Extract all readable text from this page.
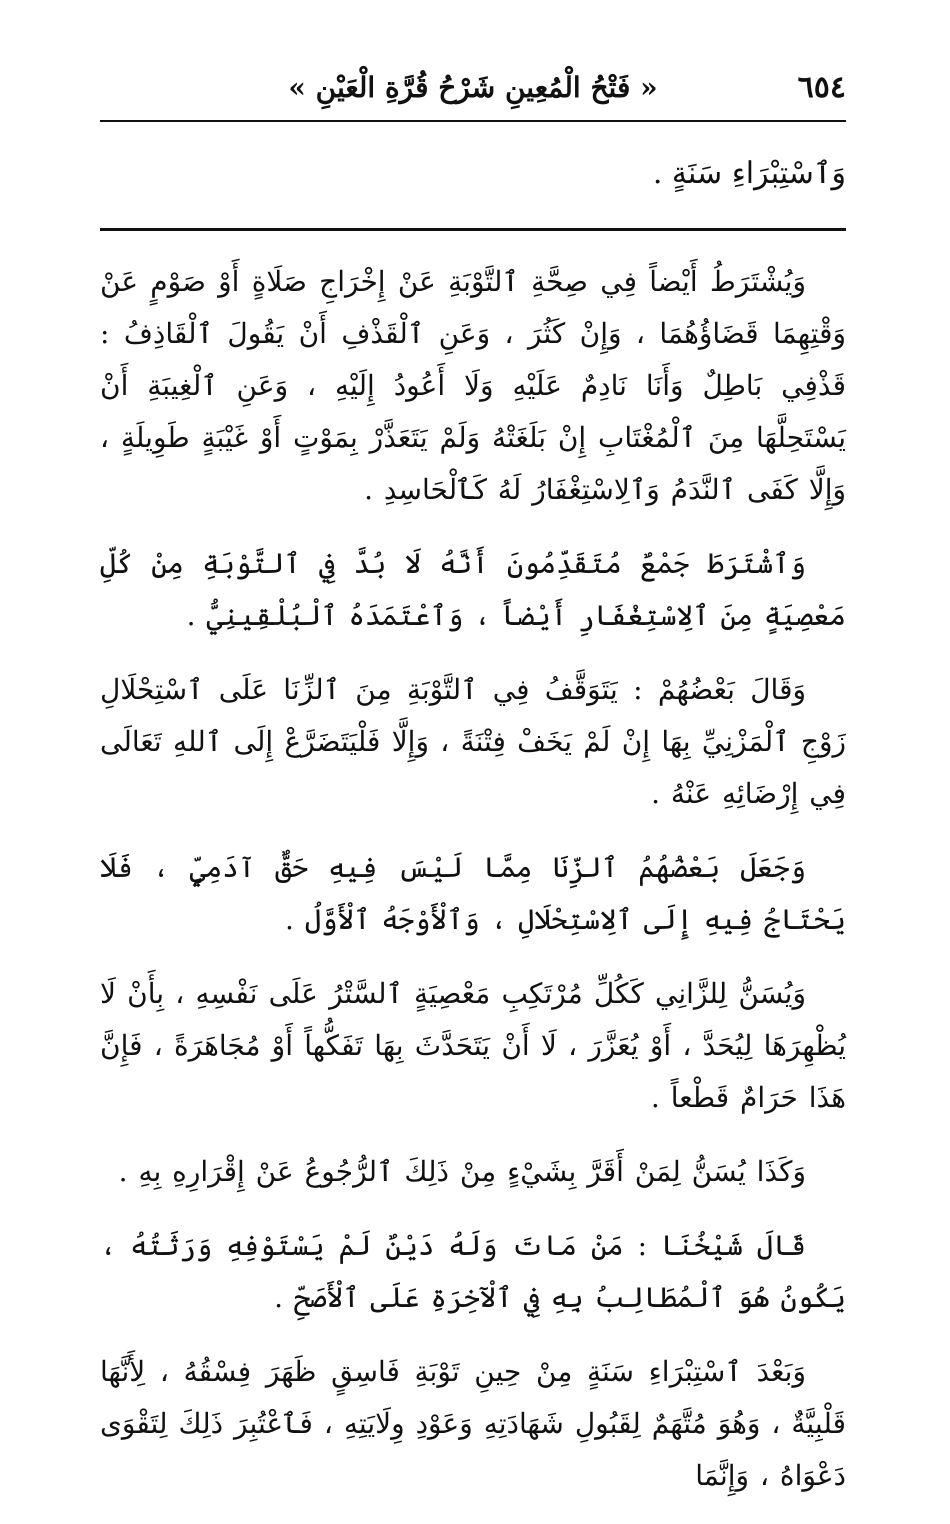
٦٥٤
« فَتْحُ الْمُعِينِ شَرْحُ قُرَّةِ الْعَيْنِ »
وَٱسْتِبْرَاءِ سَنَةٍ .

وَيُشْتَرَطُ أَيْضاً فِي صِحَّةِ ٱلتَّوْبَةِ عَنْ إِخْرَاجِ صَلَاةٍ أَوْ صَوْمٍ عَنْ وَقْتِهِمَا قَضَاؤُهُمَا ، وَإِنْ كَثُرَ ، وَعَنِ ٱلْقَذْفِ أَنْ يَقُولَ ٱلْقَاذِفُ : قَذْفِي بَاطِلٌ وَأَنَا نَادِمٌ عَلَيْهِ وَلَا أَعُودُ إِلَيْهِ ، وَعَنِ ٱلْغِيبَةِ أَنْ يَسْتَحِلَّهَا مِنَ ٱلْمُغْتَابِ إِنْ بَلَغَتْهُ وَلَمْ يَتَعَذَّرْ بِمَوْتٍ أَوْ غَيْبَةٍ طَوِيلَةٍ ، وَإِلَّا كَفَى ٱلنَّدَمُ وَٱلِاسْتِغْفَارُ لَهُ كَٱلْحَاسِدِ .

وَٱشْتَرَطَ جَمْعٌ مُتَقَدِّمُونَ أَنَّهُ لَا بُدَّ فِي ٱلتَّوْبَةِ مِنْ كُلِّ مَعْصِيَةٍ مِنَ ٱلِاسْتِغْفَارِ أَيْضاً ، وَٱعْتَمَدَهُ ٱلْبُلْقِينِيُّ .

وَقَالَ بَعْضُهُمْ : يَتَوَقَّفُ فِي ٱلتَّوْبَةِ مِنَ ٱلزِّنَا عَلَى ٱسْتِحْلَالِ زَوْجِ ٱلْمَزْنِيِّ بِهَا إِنْ لَمْ يَخَفْ فِتْنَةً ، وَإِلَّا فَلْيَتَضَرَّعْ إِلَى ٱللهِ تَعَالَى فِي إِرْضَائِهِ عَنْهُ .

وَجَعَلَ بَعْضُهُمُ ٱلزِّنَا مِمَّا لَيْسَ فِيهِ حَقٌّ آدَمِيٍّ ، فَلَا يَحْتَاجُ فِيهِ إِلَى ٱلِاسْتِحْلَالِ ، وَٱلْأَوْجَهُ ٱلْأَوَّلُ .

وَيُسَنُّ لِلزَّانِي كَكُلِّ مُرْتَكِبِ مَعْصِيَةٍ ٱلسَّتْرُ عَلَى نَفْسِهِ ، بِأَنْ لَا يُظْهِرَهَا لِيُحَدَّ ، أَوْ يُعَزَّرَ ، لَا أَنْ يَتَحَدَّثَ بِهَا تَفَكُّهاً أَوْ مُجَاهَرَةً ، فَإِنَّ هَذَا حَرَامٌ قَطْعاً .

وَكَذَا يُسَنُّ لِمَنْ أَقَرَّ بِشَيْءٍ مِنْ ذَلِكَ ٱلرُّجُوعُ عَنْ إِقْرَارِهِ بِهِ .

قَالَ شَيْخُنَا : مَنْ مَاتَ وَلَهُ دَيْنٌ لَمْ يَسْتَوْفِهِ وَرَثَتُهُ ، يَكُونُ هُوَ ٱلْمُطَالِبُ بِهِ فِي ٱلْآخِرَةِ عَلَى ٱلْأَصَحِّ .

وَبَعْدَ ٱسْتِبْرَاءِ سَنَةٍ مِنْ حِينِ تَوْبَةِ فَاسِقٍ ظَهَرَ فِسْقُهُ ، لِأَنَّهَا قَلْبِيَّةٌ ، وَهُوَ مُتَّهَمٌ لِقَبُولِ شَهَادَتِهِ وَعَوْدِ وِلَايَتِهِ ، فَٱعْتُبِرَ ذَلِكَ لِتَقْوَى دَعْوَاهُ ، وَإِنَّمَا
